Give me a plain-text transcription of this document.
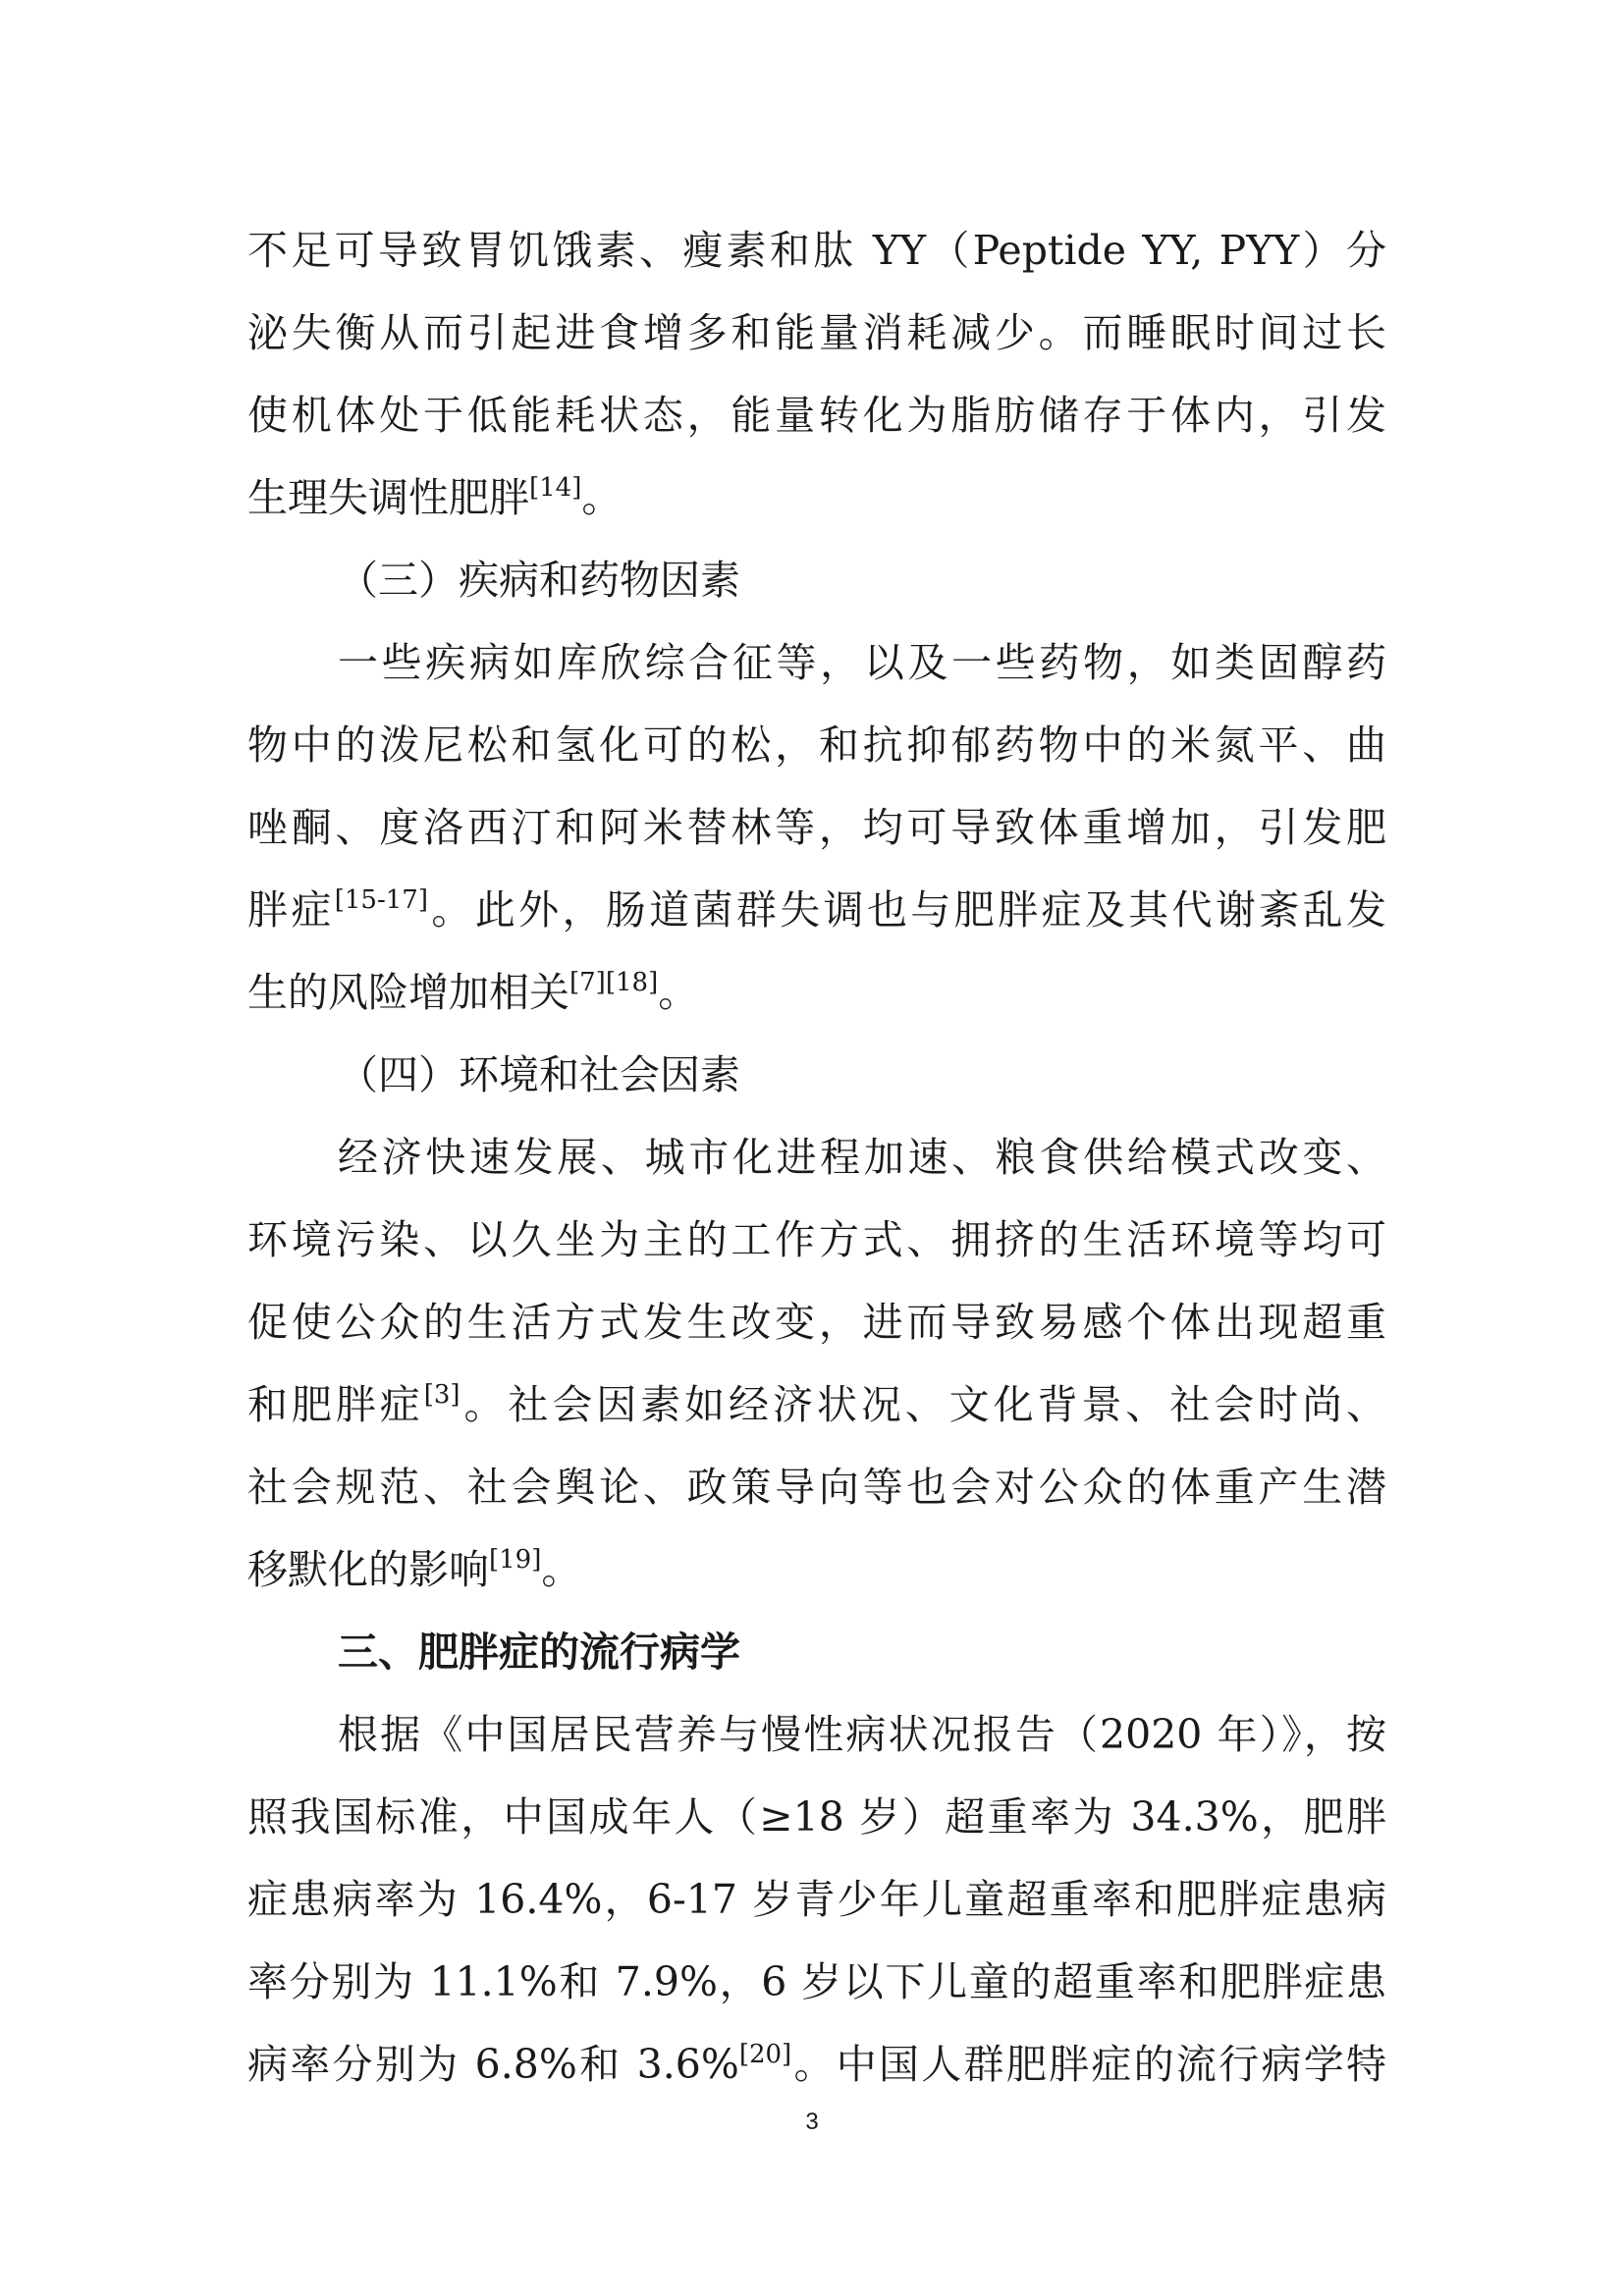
不足可导致胃饥饿素、瘦素和肽 YY（Peptide YY, PYY）分
泌失衡从而引起进食增多和能量消耗减少。而睡眠时间过长
使机体处于低能耗状态，能量转化为脂肪储存于体内，引发
生理失调性肥胖[14]。
（三）疾病和药物因素
一些疾病如库欣综合征等，以及一些药物，如类固醇药
物中的泼尼松和氢化可的松，和抗抑郁药物中的米氮平、曲
唑酮、度洛西汀和阿米替林等，均可导致体重增加，引发肥
胖症[15-17]。此外，肠道菌群失调也与肥胖症及其代谢紊乱发
生的风险增加相关[7][18]。
（四）环境和社会因素
经济快速发展、城市化进程加速、粮食供给模式改变、
环境污染、以久坐为主的工作方式、拥挤的生活环境等均可
促使公众的生活方式发生改变，进而导致易感个体出现超重
和肥胖症[3]。社会因素如经济状况、文化背景、社会时尚、
社会规范、社会舆论、政策导向等也会对公众的体重产生潜
移默化的影响[19]。
三、肥胖症的流行病学
根据《中国居民营养与慢性病状况报告（2020 年）》，按
照我国标准，中国成年人（≥18 岁）超重率为 34.3%，肥胖
症患病率为 16.4%，6-17 岁青少年儿童超重率和肥胖症患病
率分别为 11.1%和 7.9%，6 岁以下儿童的超重率和肥胖症患
病率分别为 6.8%和 3.6%[20]。中国人群肥胖症的流行病学特
3
